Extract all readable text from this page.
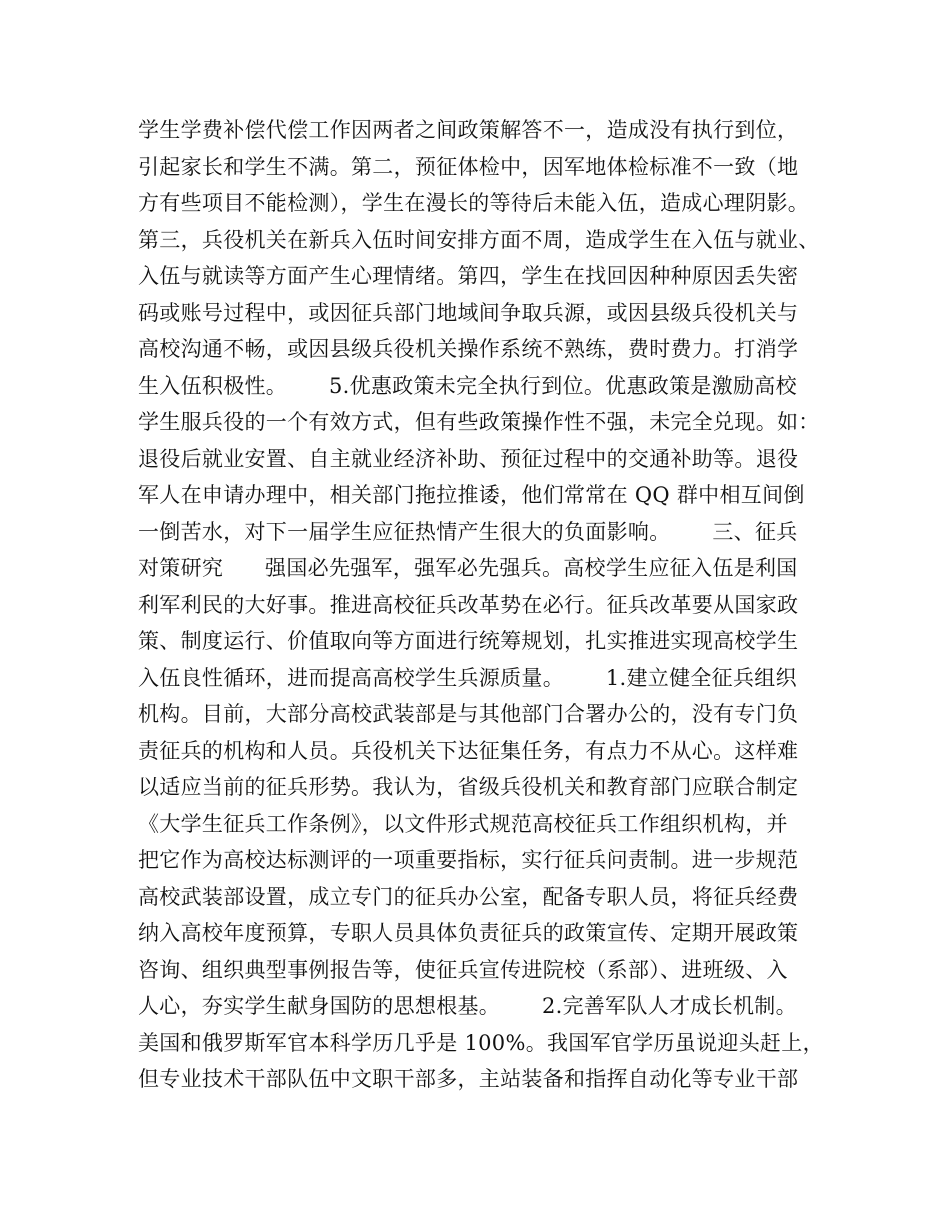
学生学费补偿代偿工作因两者之间政策解答不一，造成没有执行到位，
引起家长和学生不满。第二，预征体检中，因军地体检标准不一致（地
方有些项目不能检测），学生在漫长的等待后未能入伍，造成心理阴影。
第三，兵役机关在新兵入伍时间安排方面不周，造成学生在入伍与就业、
入伍与就读等方面产生心理情绪。第四，学生在找回因种种原因丢失密
码或账号过程中，或因征兵部门地域间争取兵源，或因县级兵役机关与
高校沟通不畅，或因县级兵役机关操作系统不熟练，费时费力。打消学
生入伍积极性。      5.优惠政策未完全执行到位。优惠政策是激励高校
学生服兵役的一个有效方式，但有些政策操作性不强，未完全兑现。如：
退役后就业安置、自主就业经济补助、预征过程中的交通补助等。退役
军人在申请办理中，相关部门拖拉推诿，他们常常在 QQ 群中相互间倒
一倒苦水，对下一届学生应征热情产生很大的负面影响。      三、征兵
对策研究      强国必先强军，强军必先强兵。高校学生应征入伍是利国
利军利民的大好事。推进高校征兵改革势在必行。征兵改革要从国家政
策、制度运行、价值取向等方面进行统筹规划，扎实推进实现高校学生
入伍良性循环，进而提高高校学生兵源质量。      1.建立健全征兵组织
机构。目前，大部分高校武装部是与其他部门合署办公的，没有专门负
责征兵的机构和人员。兵役机关下达征集任务，有点力不从心。这样难
以适应当前的征兵形势。我认为，省级兵役机关和教育部门应联合制定
《大学生征兵工作条例》，以文件形式规范高校征兵工作组织机构，并
把它作为高校达标测评的一项重要指标，实行征兵问责制。进一步规范
高校武装部设置，成立专门的征兵办公室，配备专职人员，将征兵经费
纳入高校年度预算，专职人员具体负责征兵的政策宣传、定期开展政策
咨询、组织典型事例报告等，使征兵宣传进院校（系部）、进班级、入
人心，夯实学生献身国防的思想根基。      2.完善军队人才成长机制。
美国和俄罗斯军官本科学历几乎是 100%。我国军官学历虽说迎头赶上，
但专业技术干部队伍中文职干部多，主站装备和指挥自动化等专业干部
